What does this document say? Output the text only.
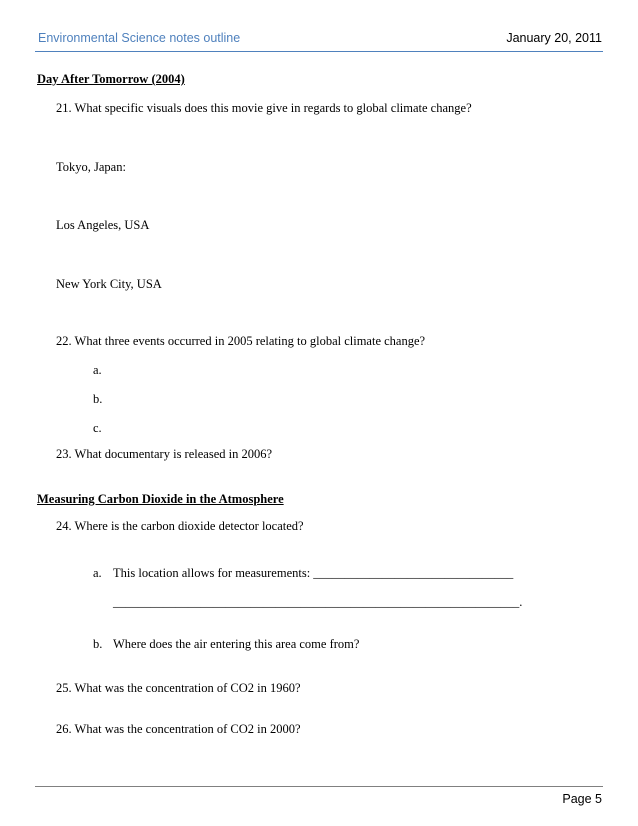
Environmental Science notes outline	January 20, 2011
Day After Tomorrow (2004)
21. What specific visuals does this movie give in regards to global climate change?
Tokyo, Japan:
Los Angeles, USA
New York City, USA
22. What three events occurred in 2005 relating to global climate change?
a.
b.
c.
23. What documentary is released in 2006?
Measuring Carbon Dioxide in the Atmosphere
24. Where is the carbon dioxide detector located?
a. This location allows for measurements: ________________________________
_________________________________________________________________.
b. Where does the air entering this area come from?
25. What was the concentration of CO2 in 1960?
26. What was the concentration of CO2 in 2000?
Page 5
